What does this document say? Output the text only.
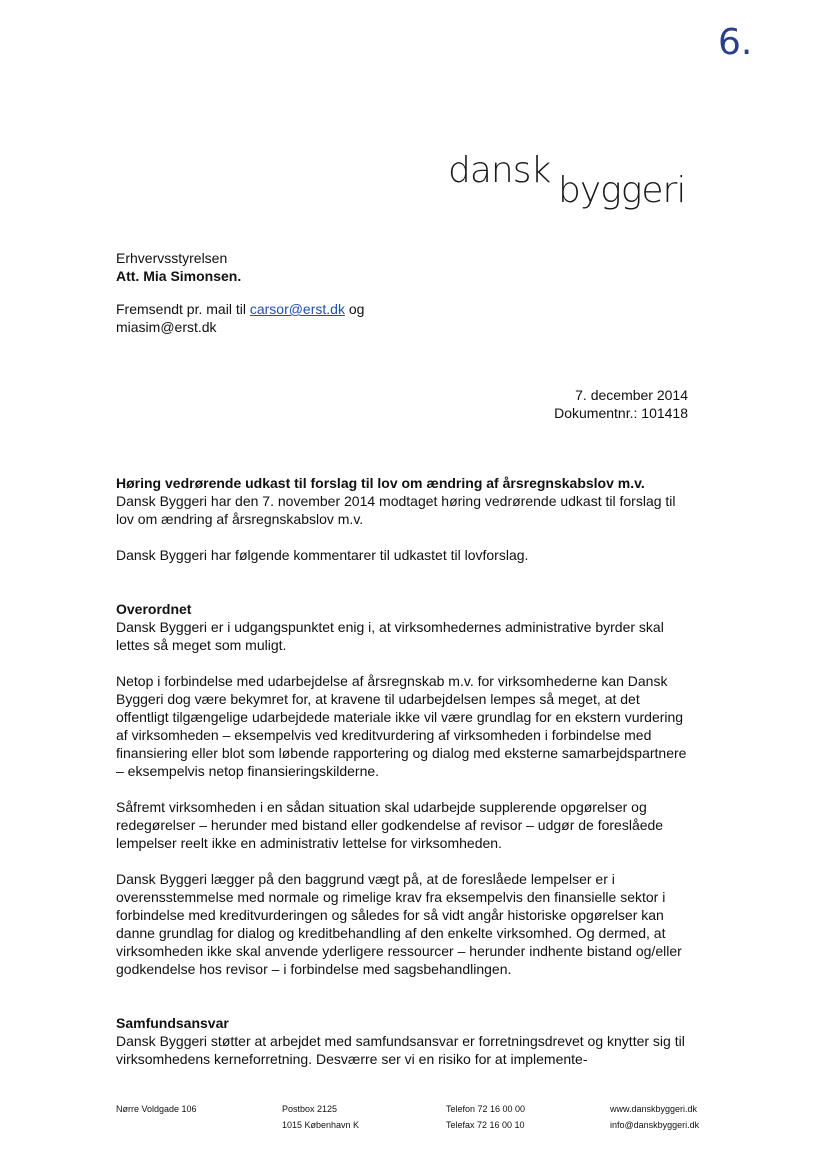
6.
dansk byggeri
Erhvervsstyrelsen
Att. Mia Simonsen.
Fremsendt pr. mail til carsor@erst.dk og
miasim@erst.dk
7. december 2014
Dokumentnr.: 101418
Høring vedrørende udkast til forslag til lov om ændring af årsregnskabslov m.v.

Dansk Byggeri har den 7. november 2014 modtaget høring vedrørende udkast til forslag til lov om ændring af årsregnskabslov m.v.

Dansk Byggeri har følgende kommentarer til udkastet til lovforslag.

Overordnet

Dansk Byggeri er i udgangspunktet enig i, at virksomhedernes administrative byrder skal lettes så meget som muligt.

Netop i forbindelse med udarbejdelse af årsregnskab m.v. for virksomhederne kan Dansk Byggeri dog være bekymret for, at kravene til udarbejdelsen lempes så meget, at det offentligt tilgængelige udarbejdede materiale ikke vil være grundlag for en ekstern vurdering af virksomheden – eksempelvis ved kreditvurdering af virksomheden i forbindelse med finansiering eller blot som løbende rapportering og dialog med eksterne samarbejdspartnere – eksempelvis netop finansieringskilderne.

Såfremt virksomheden i en sådan situation skal udarbejde supplerende opgørelser og redegørelser – herunder med bistand eller godkendelse af revisor – udgør de foreslåede lempelser reelt ikke en administrativ lettelse for virksomheden.

Dansk Byggeri lægger på den baggrund vægt på, at de foreslåede lempelser er i overensstemmelse med normale og rimelige krav fra eksempelvis den finansielle sektor i forbindelse med kreditvurderingen og således for så vidt angår historiske opgørelser kan danne grundlag for dialog og kreditbehandling af den enkelte virksomhed. Og dermed, at virksomheden ikke skal anvende yderligere ressourcer – herunder indhente bistand og/eller godkendelse hos revisor – i forbindelse med sagsbehandlingen.

Samfundsansvar

Dansk Byggeri støtter at arbejdet med samfundsansvar er forretningsdrevet og knytter sig til virksomhedens kerneforretning. Desværre ser vi en risiko for at implemente-

Nørre Voldgade 106	Postbox 2125
1015 København K
Telefon 72 16 00 00
Telefax 72 16 00 10
www.danskbyggeri.dk
info@danskbyggeri.dk
